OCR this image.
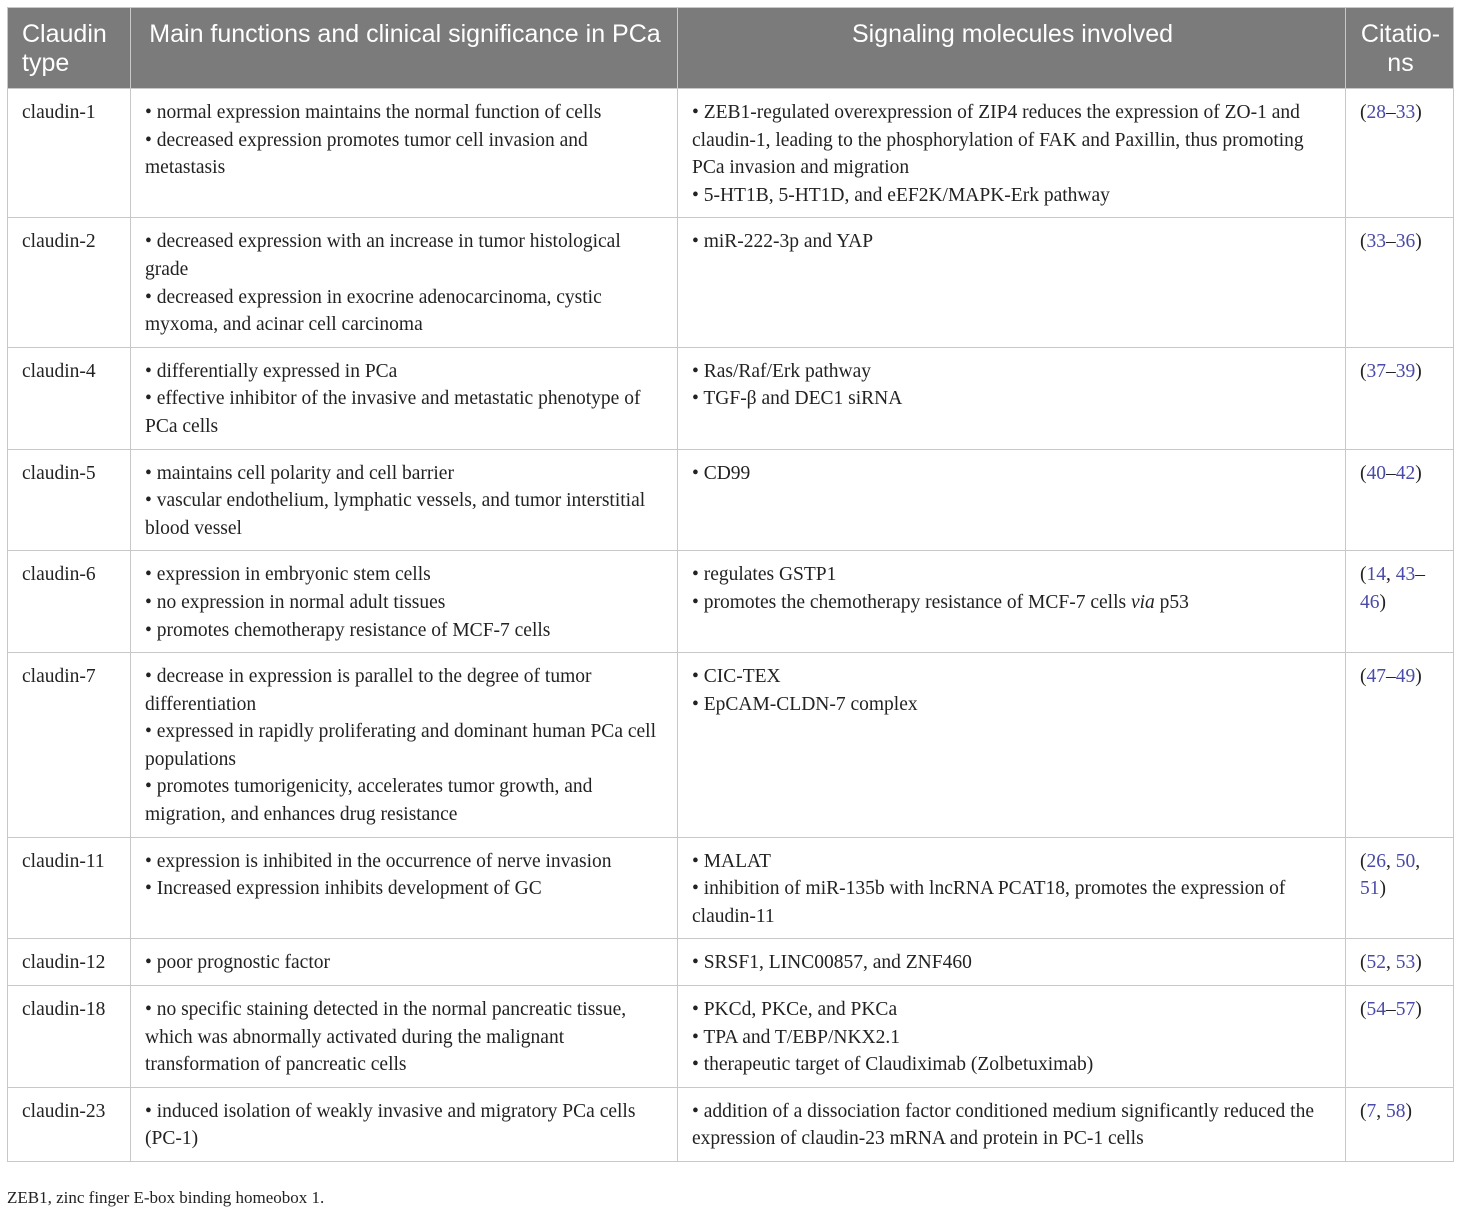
Claudin type	Main functions and clinical significance in PCa	Signaling molecules involved	Citatio-
ns
claudin-1	• normal expression maintains the normal function of cells
• decreased expression promotes tumor cell invasion and metastasis	• ZEB1-regulated overexpression of ZIP4 reduces the expression of ZO-1 and claudin-1, leading to the phosphorylation of FAK and Paxillin, thus promoting PCa invasion and migration
• 5-HT1B, 5-HT1D, and eEF2K/MAPK-Erk pathway	(28–33)
claudin-2	• decreased expression with an increase in tumor histological grade
• decreased expression in exocrine adenocarcinoma, cystic myxoma, and acinar cell carcinoma	• miR-222-3p and YAP	(33–36)
claudin-4	• differentially expressed in PCa
• effective inhibitor of the invasive and metastatic phenotype of PCa cells	• Ras/Raf/Erk pathway
• TGF-β and DEC1 siRNA	(37–39)
claudin-5	• maintains cell polarity and cell barrier
• vascular endothelium, lymphatic vessels, and tumor interstitial blood vessel	• CD99	(40–42)
claudin-6	• expression in embryonic stem cells
• no expression in normal adult tissues
• promotes chemotherapy resistance of MCF-7 cells	• regulates GSTP1
• promotes the chemotherapy resistance of MCF-7 cells via p53	(14, 43–46)
claudin-7	• decrease in expression is parallel to the degree of tumor differentiation
• expressed in rapidly proliferating and dominant human PCa cell populations
• promotes tumorigenicity, accelerates tumor growth, and migration, and enhances drug resistance	• CIC-TEX
• EpCAM-CLDN-7 complex	(47–49)
claudin-11	• expression is inhibited in the occurrence of nerve invasion
• Increased expression inhibits development of GC	• MALAT
• inhibition of miR-135b with lncRNA PCAT18, promotes the expression of claudin-11	(26, 50, 51)
claudin-12	• poor prognostic factor	• SRSF1, LINC00857, and ZNF460	(52, 53)
claudin-18	• no specific staining detected in the normal pancreatic tissue, which was abnormally activated during the malignant transformation of pancreatic cells	• PKCd, PKCe, and PKCa
• TPA and T/EBP/NKX2.1
• therapeutic target of Claudiximab (Zolbetuximab)	(54–57)
claudin-23	• induced isolation of weakly invasive and migratory PCa cells (PC-1)	• addition of a dissociation factor conditioned medium significantly reduced the expression of claudin-23 mRNA and protein in PC-1 cells	(7, 58)
ZEB1, zinc finger E-box binding homeobox 1.
